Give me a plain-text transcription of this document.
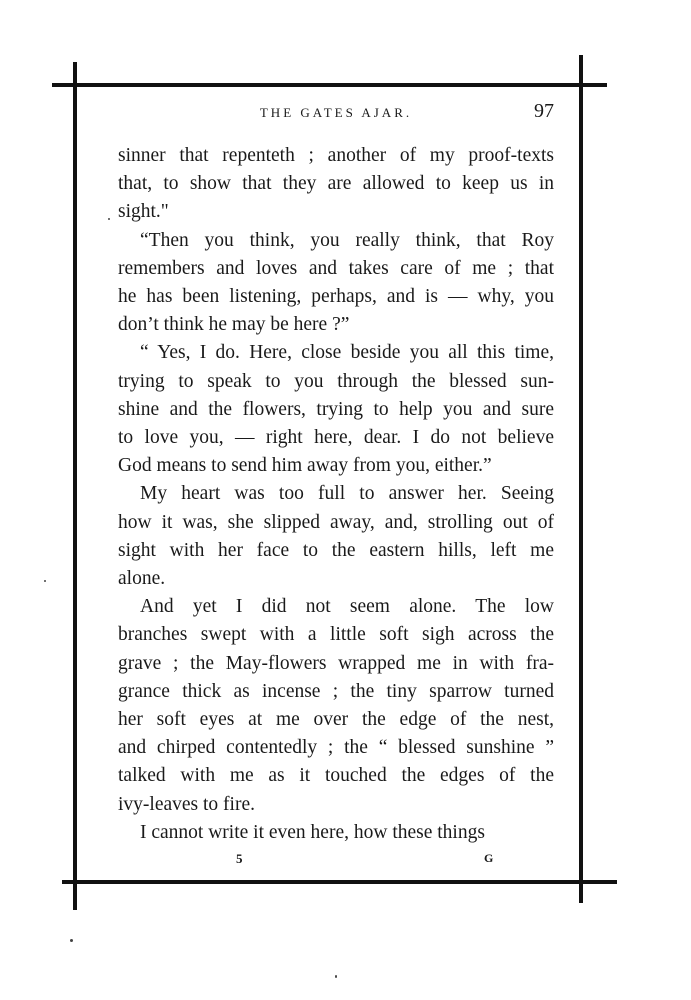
THE GATES AJAR.	97

sinner that repenteth ; another of my proof-texts

that, to show that they are allowed to keep us in

sight."

“Then you think, you really think, that Roy

remembers and loves and takes care of me ; that

he has been listening, perhaps, and is — why, you

don’t think he may be here ?”

“ Yes, I do. Here, close beside you all this time,

trying to speak to you through the blessed sun-

shine and the flowers, trying to help you and sure

to love you, — right here, dear. I do not believe

God means to send him away from you, either.”

My heart was too full to answer her. Seeing

how it was, she slipped away, and, strolling out of

sight with her face to the eastern hills, left me

alone.

And yet I did not seem alone. The low

branches swept with a little soft sigh across the

grave ; the May-flowers wrapped me in with fra-

grance thick as incense ; the tiny sparrow turned

her soft eyes at me over the edge of the nest,

and chirped contentedly ; the “ blessed sunshine ”

talked with me as it touched the edges of the

ivy-leaves to fire.

I cannot write it even here, how these things

5	G
